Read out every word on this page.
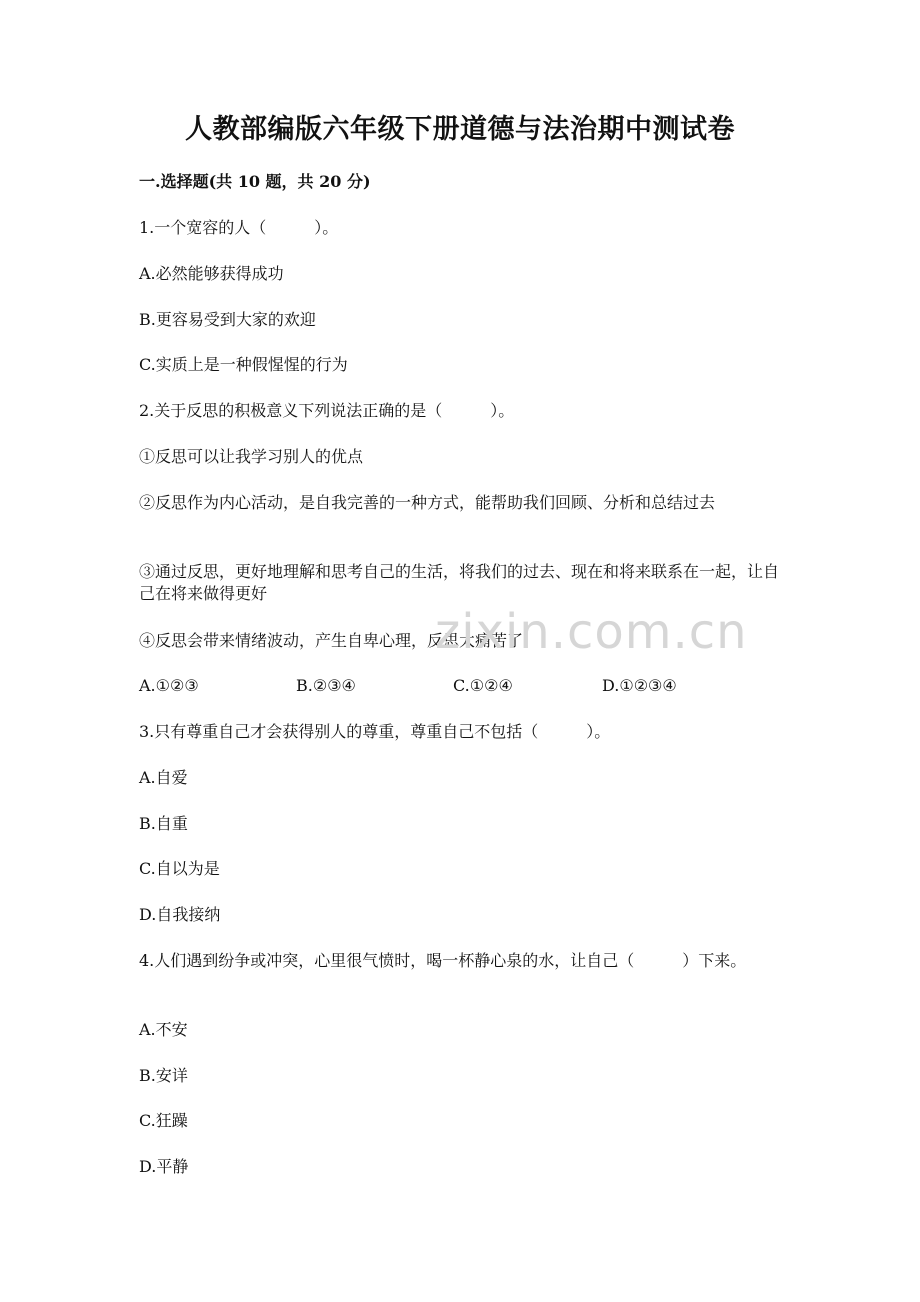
人教部编版六年级下册道德与法治期中测试卷
一.选择题(共 10 题，共 20 分)
1.一个宽容的人（　　　）。
A.必然能够获得成功
B.更容易受到大家的欢迎
C.实质上是一种假惺惺的行为
2.关于反思的积极意义下列说法正确的是（　　　）。
①反思可以让我学习别人的优点
②反思作为内心活动，是自我完善的一种方式，能帮助我们回顾、分析和总结过去
③通过反思，更好地理解和思考自己的生活，将我们的过去、现在和将来联系在一起，让自己在将来做得更好
④反思会带来情绪波动，产生自卑心理，反思太痛苦了
A.①②③	B.②③④	C.①②④	D.①②③④
3.只有尊重自己才会获得别人的尊重，尊重自己不包括（　　　）。
A.自爱
B.自重
C.自以为是
D.自我接纳
4.人们遇到纷争或冲突，心里很气愤时，喝一杯静心泉的水，让自己（　　　）下来。
A.不安
B.安详
C.狂躁
D.平静
zixin.com.cn
